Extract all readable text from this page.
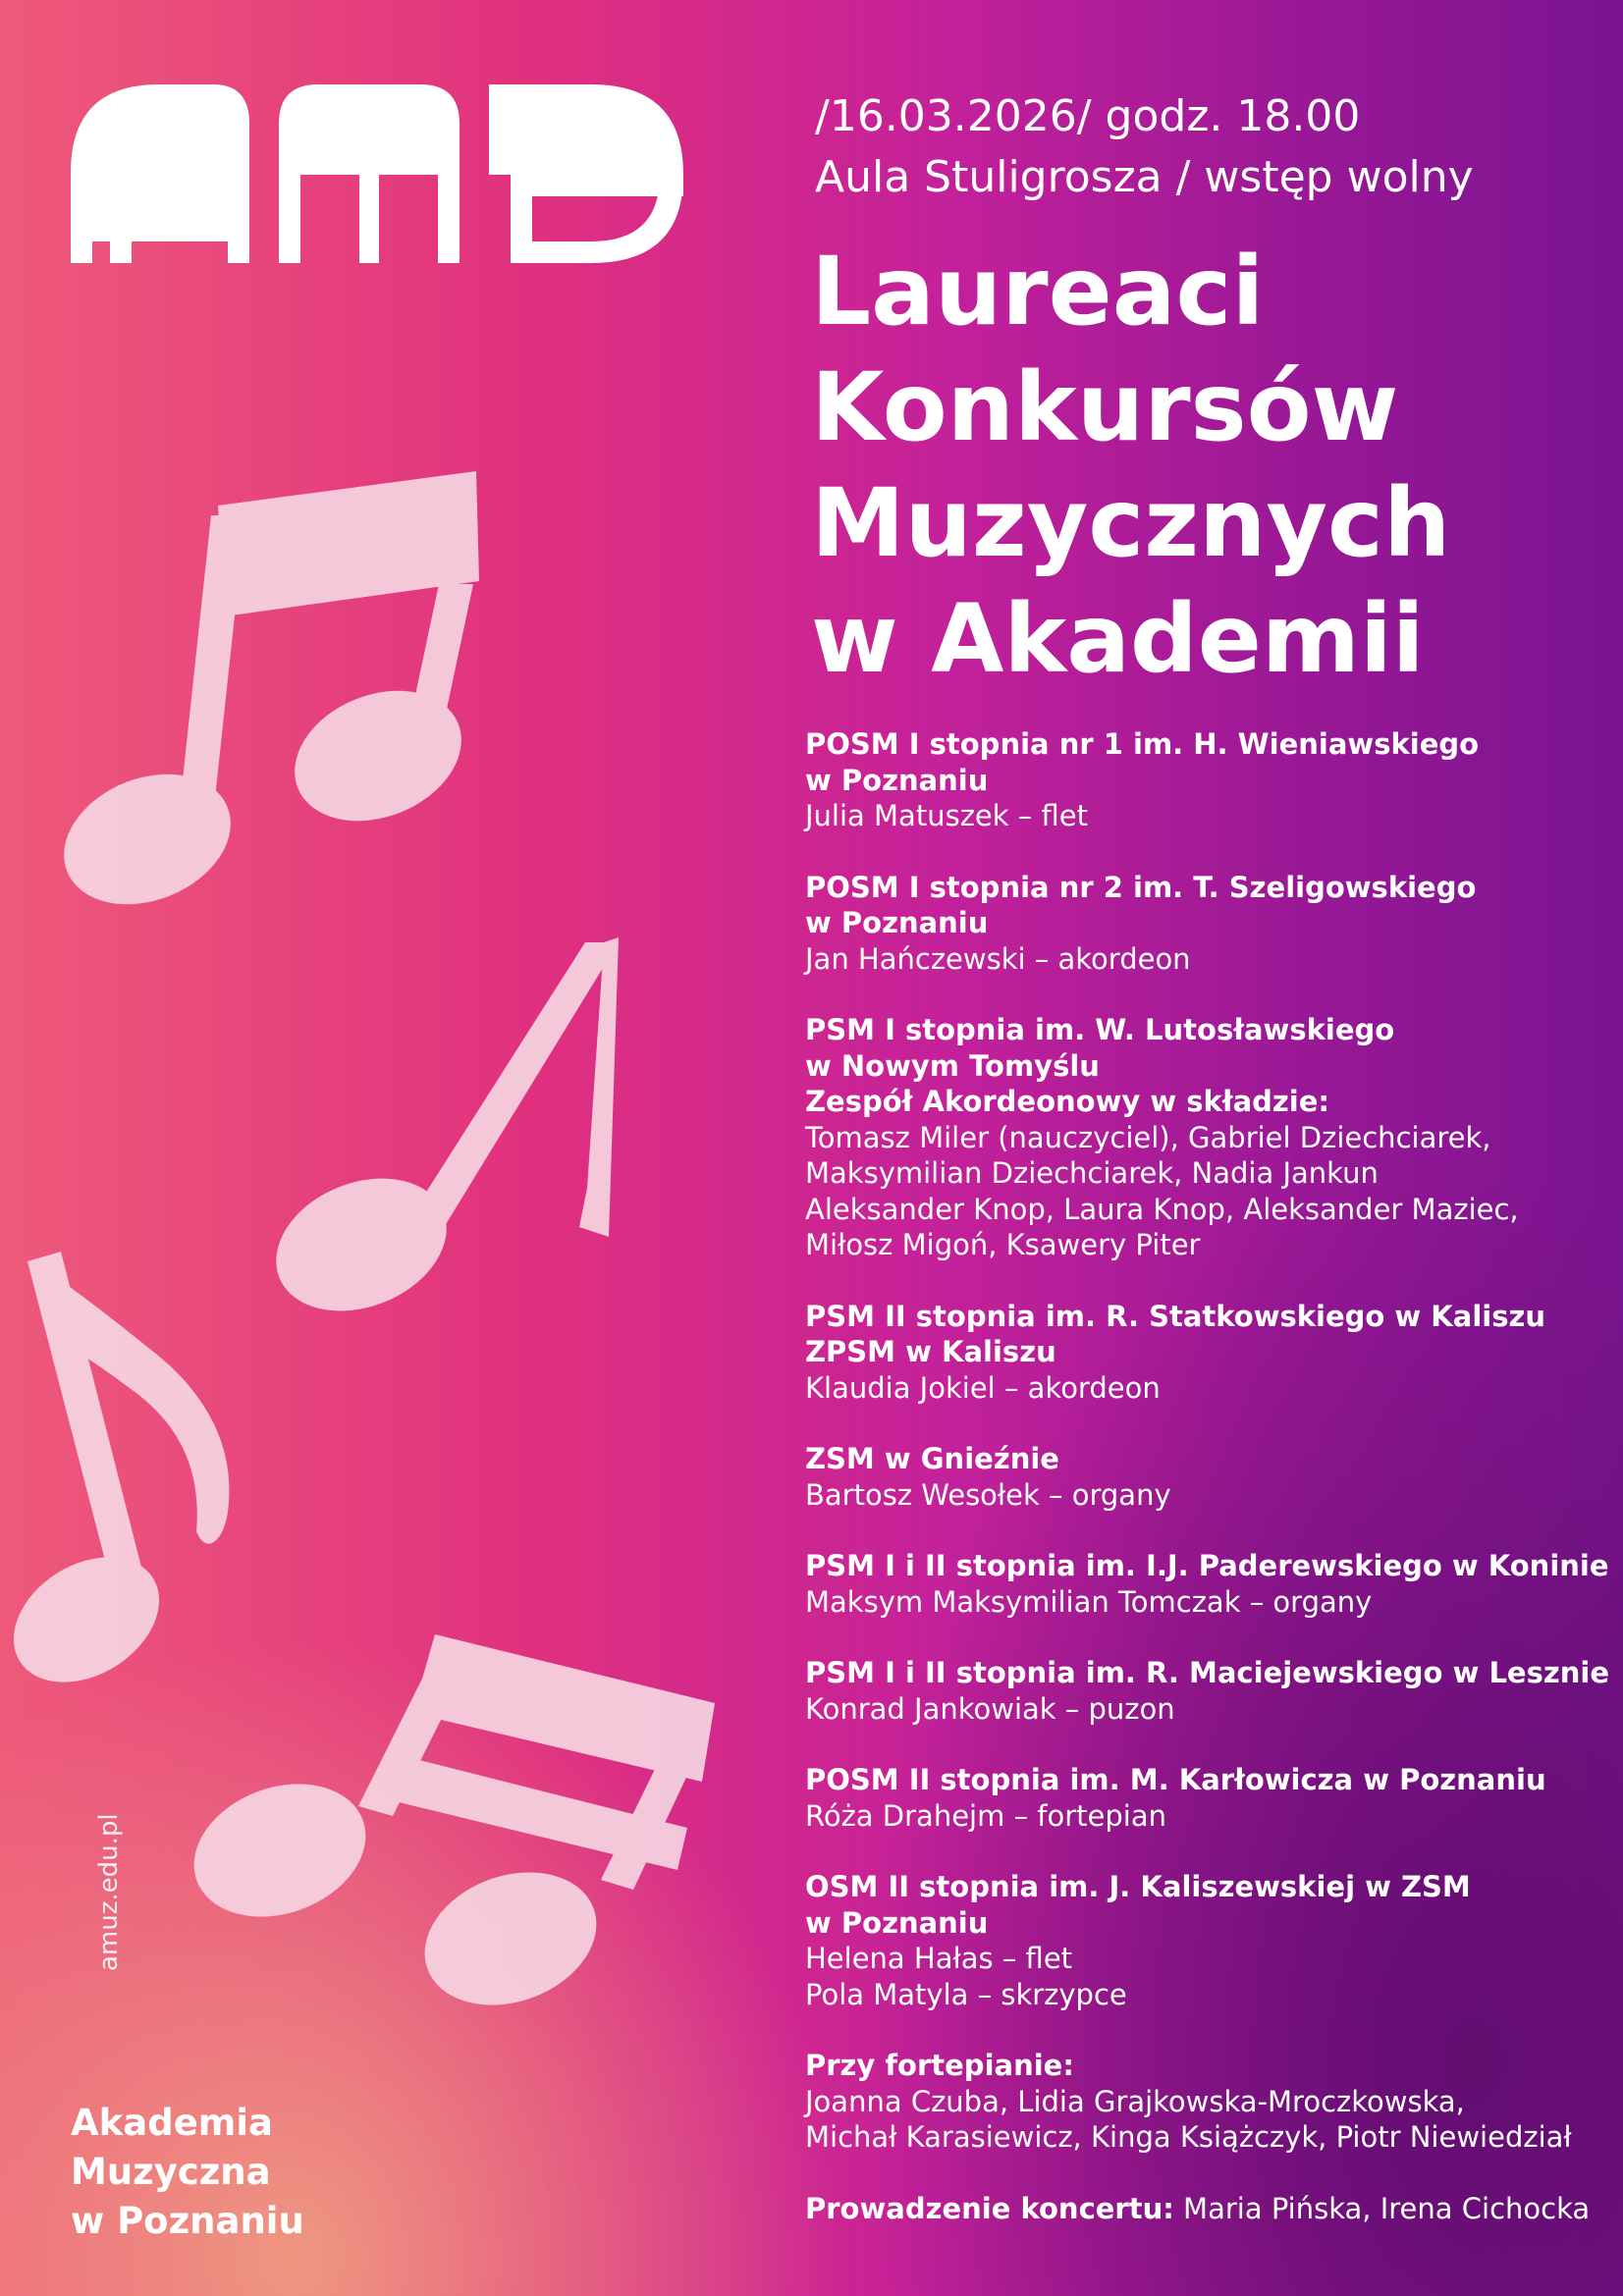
/16.03.2026/ godz. 18.00
Aula Stuligrosza / wstęp wolny
Laureaci
Konkursów
Muzycznych
w Akademii
POSM I stopnia nr 1 im. H. Wieniawskiego
w Poznaniu
Julia Matuszek – flet
POSM I stopnia nr 2 im. T. Szeligowskiego
w Poznaniu
Jan Hańczewski – akordeon
PSM I stopnia im. W. Lutosławskiego
w Nowym Tomyślu
Zespół Akordeonowy w składzie:
Tomasz Miler (nauczyciel), Gabriel Dziechciarek,
Maksymilian Dziechciarek, Nadia Jankun
Aleksander Knop, Laura Knop, Aleksander Maziec,
Miłosz Migoń, Ksawery Piter
PSM II stopnia im. R. Statkowskiego w Kaliszu
ZPSM w Kaliszu
Klaudia Jokiel – akordeon
ZSM w Gnieźnie
Bartosz Wesołek – organy
PSM I i II stopnia im. I.J. Paderewskiego w Koninie
Maksym Maksymilian Tomczak – organy
PSM I i II stopnia im. R. Maciejewskiego w Lesznie
Konrad Jankowiak – puzon
POSM II stopnia im. M. Karłowicza w Poznaniu
Róża Drahejm – fortepian
OSM II stopnia im. J. Kaliszewskiej w ZSM
w Poznaniu
Helena Hałas – flet
Pola Matyla – skrzypce
Przy fortepianie:
Joanna Czuba, Lidia Grajkowska-Mroczkowska,
Michał Karasiewicz, Kinga Książczyk, Piotr Niewiedział
Prowadzenie koncertu: Maria Pińska, Irena Cichocka
amuz.edu.pl
Akademia
Muzyczna
w Poznaniu
